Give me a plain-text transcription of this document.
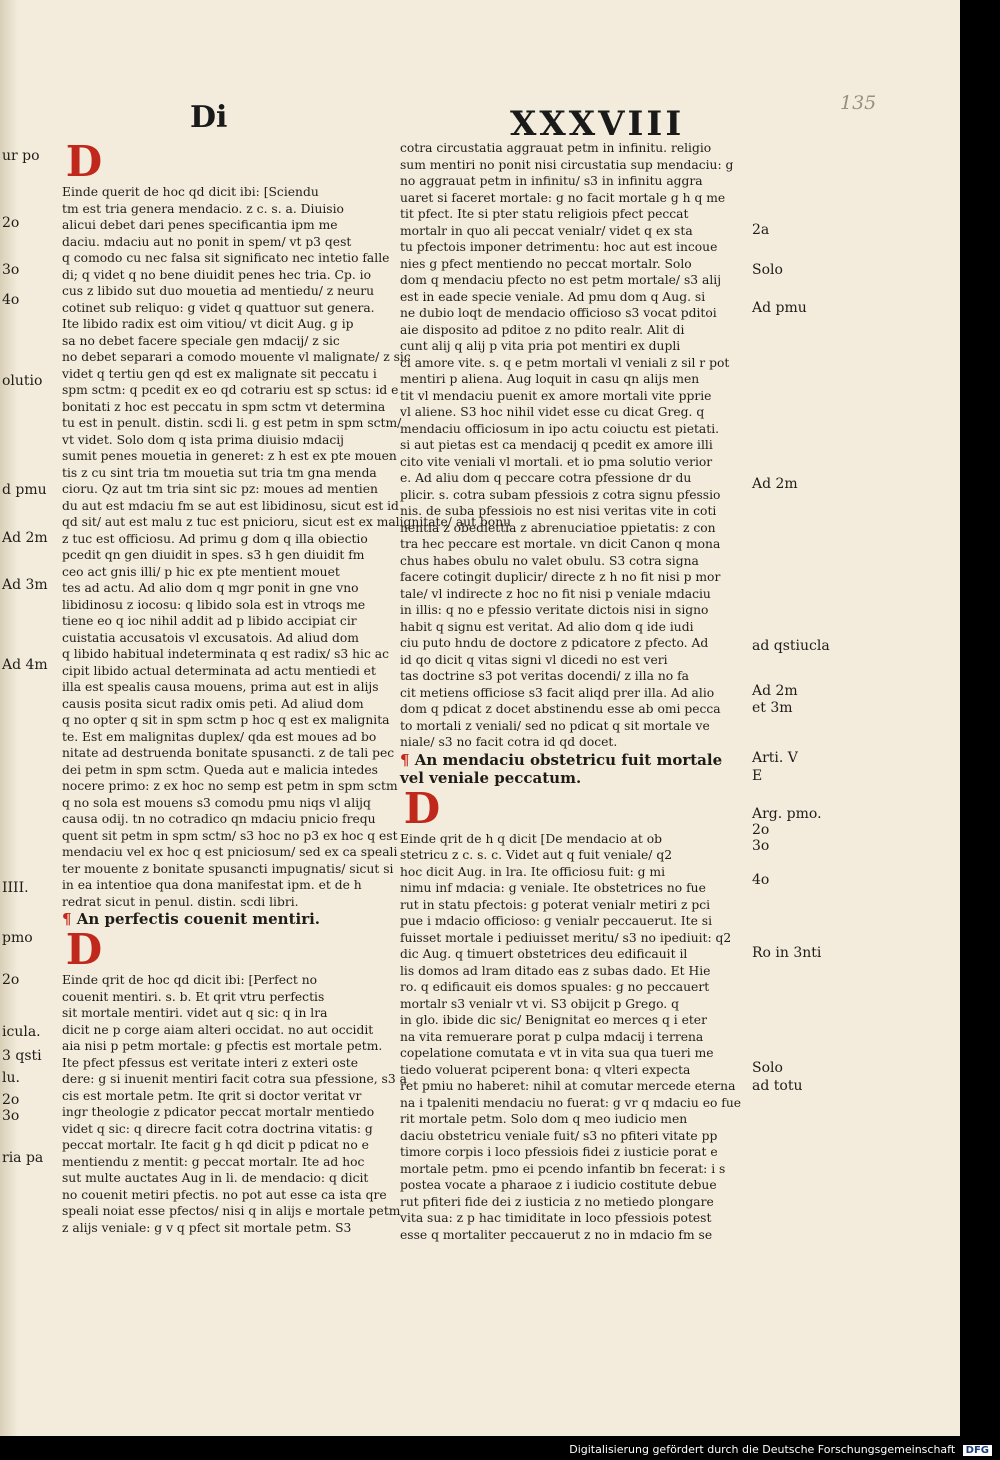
135
Di	XXXVIII
ur po
2o
3o
4o
olutio
d pmu
Ad 2m
Ad 3m
Ad 4m
IIII.
pmo
2o
icula.
3 qsti
lu.
2o
3o
ria pa
2a
Solo
Ad pmu
Ad 2m
ad qstiucla
Ad 2m
et 3m
Arti. V
E
Arg. pmo.
2o
3o
4o
Ro in 3nti
Solo
ad totu
D
Einde querit de hoc qd dicit ibi: [Sciendu
tm est tria genera mendacio. z c. s. a. Diuisio
alicui debet dari penes specificantia ipm me
daciu. mdaciu aut no ponit in spem/ vt p3 qest
q comodo cu nec falsa sit significato nec intetio falle
di; q videt q no bene diuidit penes hec tria. Cp. io
cus z libido sut duo mouetia ad mentiedu/ z neuru
cotinet sub reliquo: g videt q quattuor sut genera.
Ite libido radix est oim vitiou/ vt dicit Aug. g ip
sa no debet facere speciale gen mdacij/ z sic
no debet separari a comodo mouente vl malignate/ z sic
videt q tertiu gen qd est ex malignate sit peccatu i
spm sctm: q pcedit ex eo qd cotrariu est sp sctus: id e
bonitati z hoc est peccatu in spm sctm vt determina
tu est in penult. distin. scdi li. g est petm in spm sctm/
vt videt. Solo dom q ista prima diuisio mdacij
sumit penes mouetia in generet: z h est ex pte mouen
tis z cu sint tria tm mouetia sut tria tm gna menda
cioru. Qz aut tm tria sint sic pz: moues ad mentien
du aut est mdaciu fm se aut est libidinosu, sicut est id
qd sit/ aut est malu z tuc est pnicioru, sicut est ex malignitate/ aut bonu
z tuc est officiosu. Ad primu g dom q illa obiectio
pcedit qn gen diuidit in spes. s3 h gen diuidit fm
ceo act gnis illi/ p hic ex pte mentient mouet
tes ad actu. Ad alio dom q mgr ponit in gne vno
libidinosu z iocosu: q libido sola est in vtroqs me
tiene eo q ioc nihil addit ad p libido accipiat cir
cuistatia accusatois vl excusatois. Ad aliud dom
q libido habitual indeterminata q est radix/ s3 hic ac
cipit libido actual determinata ad actu mentiedi et
illa est spealis causa mouens, prima aut est in alijs
causis posita sicut radix omis peti. Ad aliud dom
q no opter q sit in spm sctm p hoc q est ex malignita
te. Est em malignitas duplex/ qda est moues ad bo
nitate ad destruenda bonitate spusancti. z de tali pec
dei petm in spm sctm. Queda aut e malicia intedes
nocere primo: z ex hoc no semp est petm in spm sctm
q no sola est mouens s3 comodu pmu niqs vl alijq
causa odij. tn no cotradico qn mdaciu pnicio frequ
quent sit petm in spm sctm/ s3 hoc no p3 ex hoc q est
mendaciu vel ex hoc q est pniciosum/ sed ex ca speali
ter mouente z bonitate spusancti impugnatis/ sicut si
in ea intentioe qua dona manifestat ipm. et de h
redrat sicut in penul. distin. scdi libri.
¶ An perfectis couenit mentiri.
D
Einde qrit de hoc qd dicit ibi: [Perfect no
couenit mentiri. s. b. Et qrit vtru perfectis
sit mortale mentiri. videt aut q sic: q in lra
dicit ne p corge aiam alteri occidat. no aut occidit
aia nisi p petm mortale: g pfectis est mortale petm.
Ite pfect pfessus est veritate interi z exteri oste
dere: g si inuenit mentiri facit cotra sua pfessione, s3 a
cis est mortale petm. Ite qrit si doctor veritat vr
ingr theologie z pdicator peccat mortalr mentiedo
videt q sic: q direcre facit cotra doctrina vitatis: g
peccat mortalr. Ite facit g h qd dicit p pdicat no e
mentiendu z mentit: g peccat mortalr. Ite ad hoc
sut multe auctates Aug in li. de mendacio: q dicit
no couenit metiri pfectis. no pot aut esse ca ista qre
speali noiat esse pfectos/ nisi q in alijs e mortale petm
z alijs veniale: g v q pfect sit mortale petm. S3
cotra circustatia aggrauat petm in infinitu. religio
sum mentiri no ponit nisi circustatia sup mendaciu: g
no aggrauat petm in infinitu/ s3 in infinitu aggra
uaret si faceret mortale: g no facit mortale g h q me
tit pfect. Ite si pter statu religiois pfect peccat
mortalr in quo ali peccat venialr/ videt q ex sta
tu pfectois imponer detrimentu: hoc aut est incoue
nies g pfect mentiendo no peccat mortalr. Solo
dom q mendaciu pfecto no est petm mortale/ s3 alij
est in eade specie veniale. Ad pmu dom q Aug. si
ne dubio loqt de mendacio officioso s3 vocat pditoi
aie disposito ad pditoe z no pdito realr. Alit di
cunt alij q alij p vita pria pot mentiri ex dupli
ci amore vite. s. q e petm mortali vl veniali z sil r pot
mentiri p aliena. Aug loquit in casu qn alijs men
tit vl mendaciu puenit ex amore mortali vite pprie
vl aliene. S3 hoc nihil videt esse cu dicat Greg. q
mendaciu officiosum in ipo actu coiuctu est pietati.
si aut pietas est ca mendacij q pcedit ex amore illi
cito vite veniali vl mortali. et io pma solutio verior
e. Ad aliu dom q peccare cotra pfessione dr du
plicir. s. cotra subam pfessiois z cotra signu pfessio
nis. de suba pfessiois no est nisi veritas vite in coti
nentia z obediettia z abrenuciatioe ppietatis: z con
tra hec peccare est mortale. vn dicit Canon q mona
chus habes obulu no valet obulu. S3 cotra signa
facere cotingit duplicir/ directe z h no fit nisi p mor
tale/ vl indirecte z hoc no fit nisi p veniale mdaciu
in illis: q no e pfessio veritate dictois nisi in signo
habit q signu est veritat. Ad alio dom q ide iudi
ciu puto hndu de doctore z pdicatore z pfecto. Ad
id qo dicit q vitas signi vl dicedi no est veri
tas doctrine s3 pot veritas docendi/ z illa no fa
cit metiens officiose s3 facit aliqd prer illa. Ad alio
dom q pdicat z docet abstinendu esse ab omi pecca
to mortali z veniali/ sed no pdicat q sit mortale ve
niale/ s3 no facit cotra id qd docet.
¶ An mendaciu obstetricu fuit mortale vel veniale peccatum.
D
Einde qrit de h q dicit [De mendacio at ob
stetricu z c. s. c. Videt aut q fuit veniale/ q2
hoc dicit Aug. in lra. Ite officiosu fuit: g mi
nimu inf mdacia: g veniale. Ite obstetrices no fue
rut in statu pfectois: g poterat venialr metiri z pci
pue i mdacio officioso: g venialr peccauerut. Ite si
fuisset mortale i pediuisset meritu/ s3 no ipediuit: q2
dic Aug. q timuert obstetrices deu edificauit il
lis domos ad lram ditado eas z subas dado. Et Hie
ro. q edificauit eis domos spuales: g no peccauert
mortalr s3 venialr vt vi. S3 obijcit p Grego. q
in glo. ibide dic sic/ Benignitat eo merces q i eter
na vita remuerare porat p culpa mdacij i terrena
copelatione comutata e vt in vita sua qua tueri me
tiedo voluerat pciperent bona: q vlteri expecta
ret pmiu no haberet: nihil at comutar mercede eterna
na i tpaleniti mendaciu no fuerat: g vr q mdaciu eo fue
rit mortale petm. Solo dom q meo iudicio men
daciu obstetricu veniale fuit/ s3 no pfiteri vitate pp
timore corpis i loco pfessiois fidei z iusticie porat e
mortale petm. pmo ei pcendo infantib bn fecerat: i s
postea vocate a pharaoe z i iudicio costitute debue
rut pfiteri fide dei z iusticia z no metiedo plongare
vita sua: z p hac timiditate in loco pfessiois potest
esse q mortaliter peccauerut z no in mdacio fm se
Digitalisierung gefördert durch die Deutsche Forschungsgemeinschaft DFG
